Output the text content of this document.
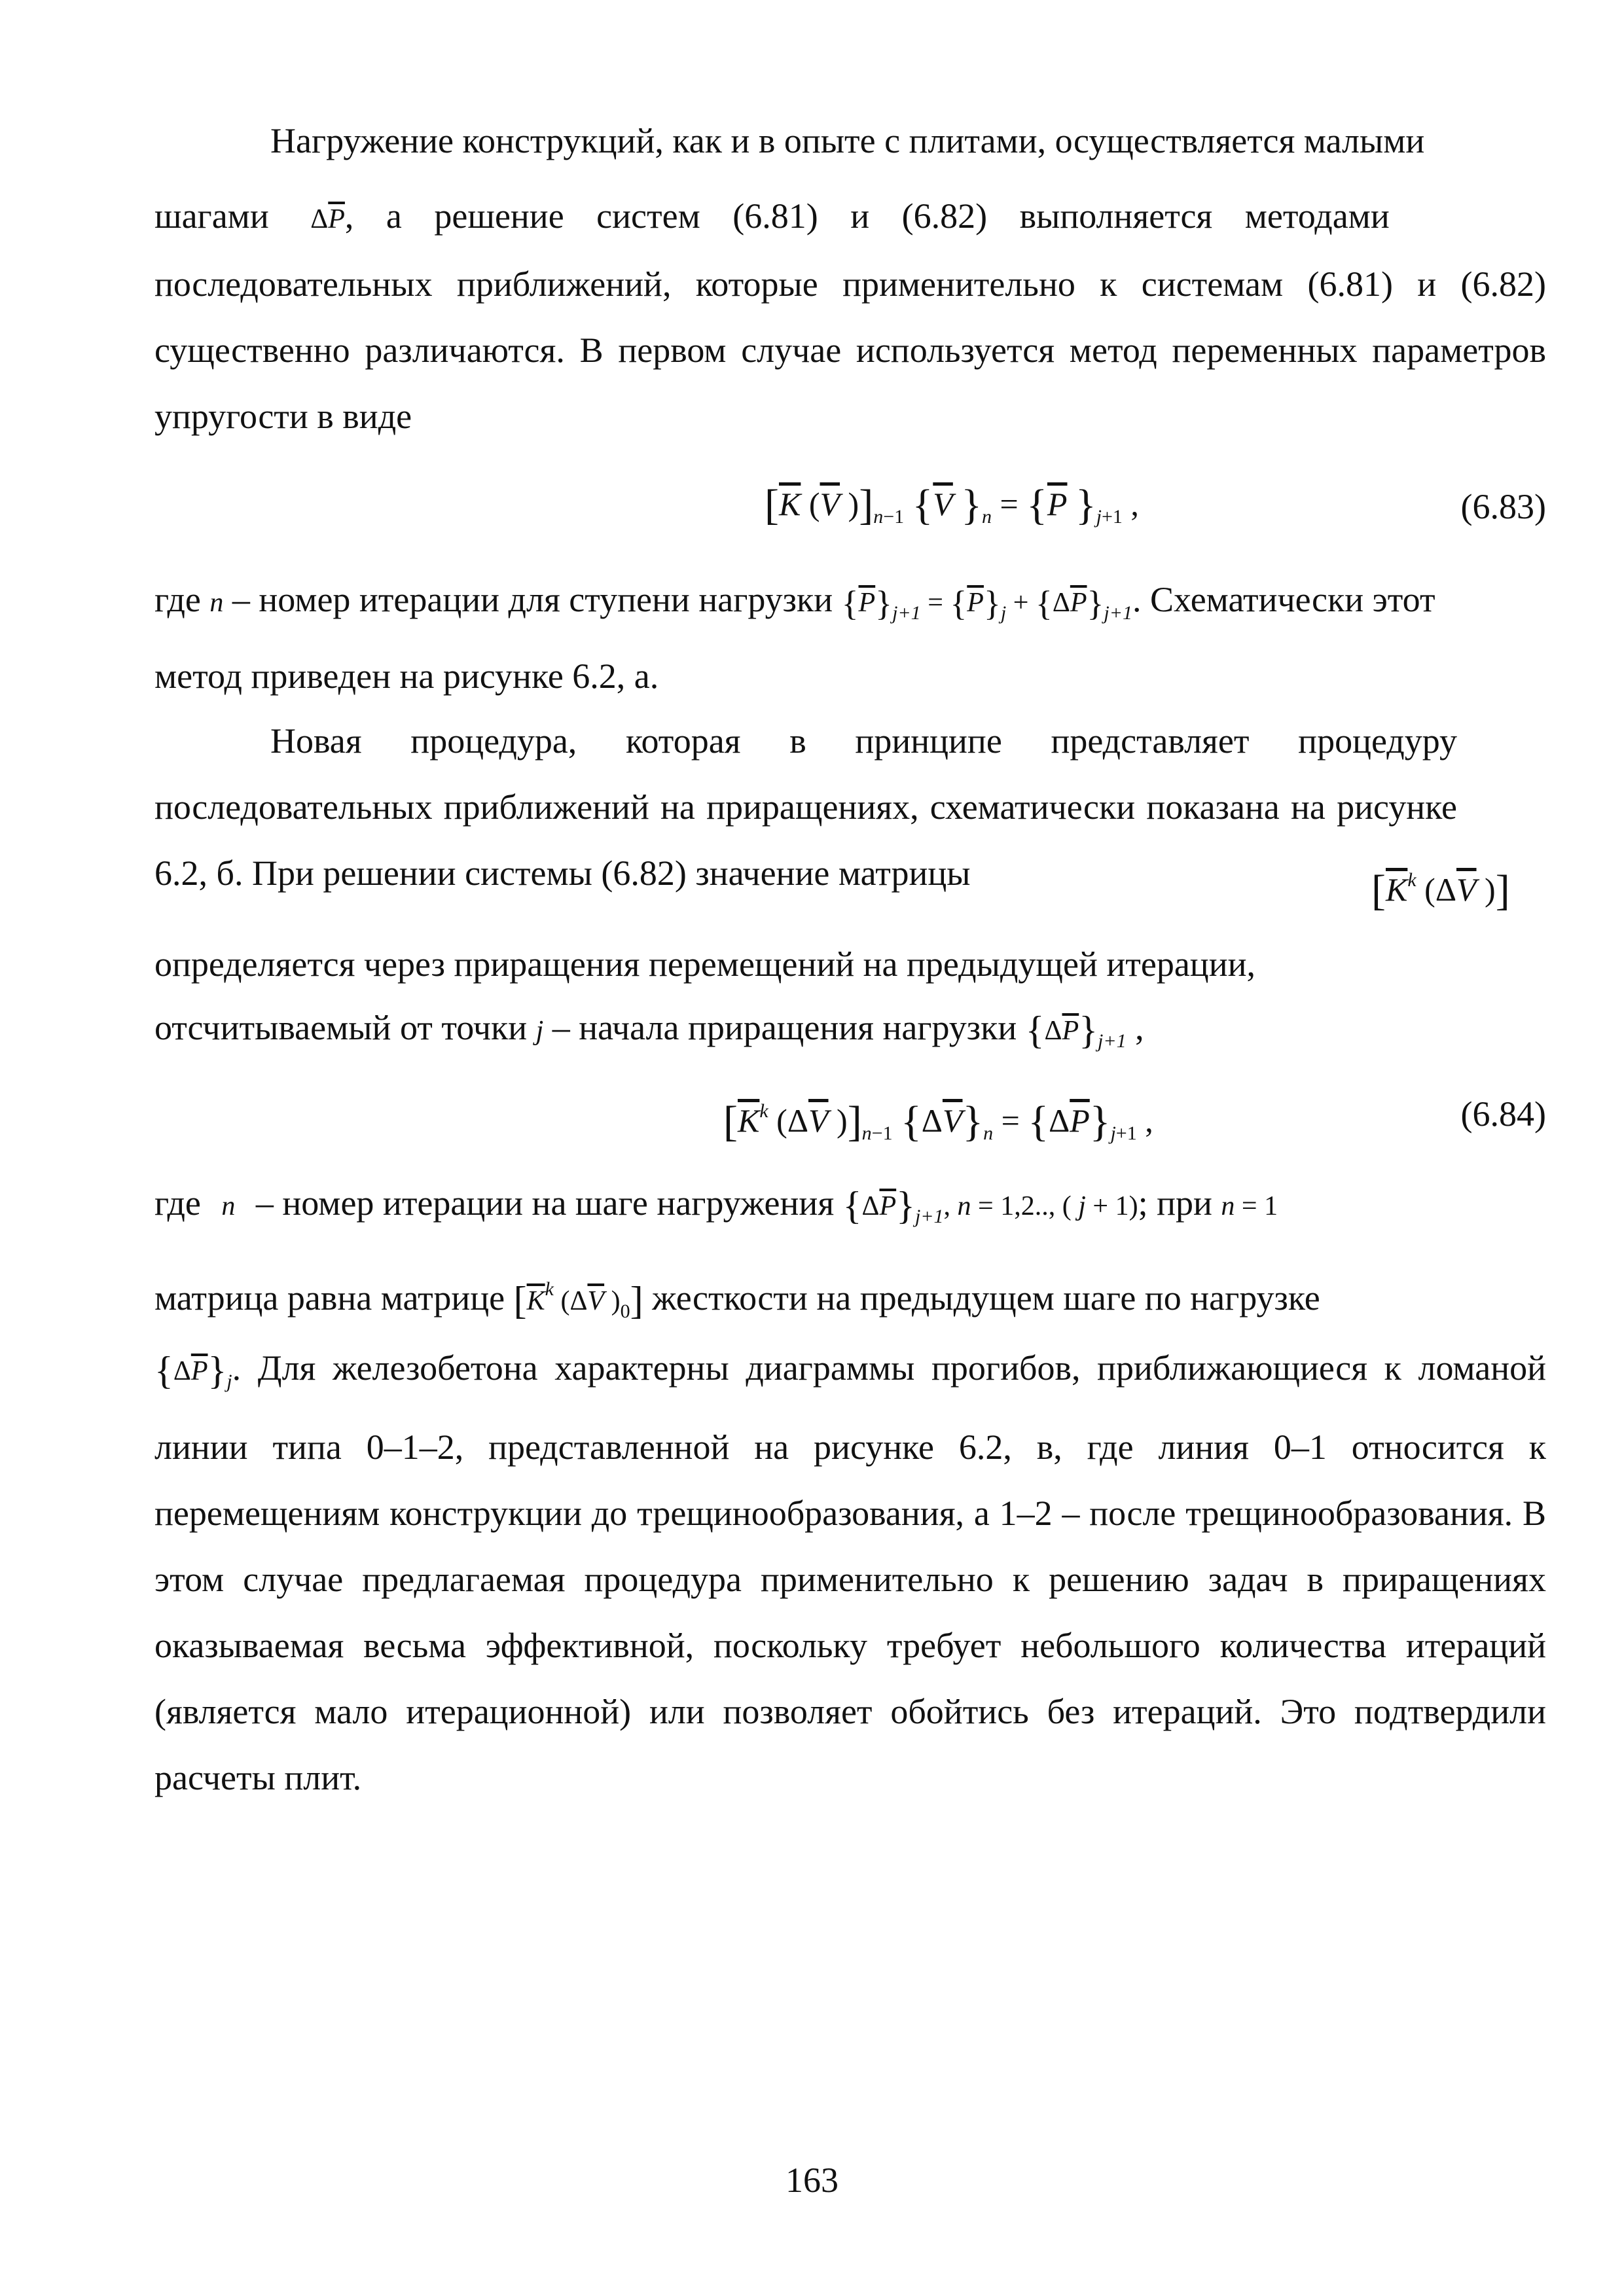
Нагружение конструкций, как и в опыте с плитами, осуществляется малыми
шагами $\Delta\overline{P}$, а решение систем (6.81) и (6.82) выполняется методами
последовательных приближений, которые применительно к системам (6.81) и (6.82) существенно различаются. В первом случае используется метод переменных параметров упругости в виде
[$\overline{K}$ ($\overline{V}$ )]$_{n-1}$ {$\overline{V}$ }$_n = \{\overline{P}$ }$_{j+1}$ ,	(6.83)
где n – номер итерации для ступени нагрузки $\{\overline{P}\}_{j+1} = \{\overline{P}\}_j + \{\Delta\overline{P}\}_{j+1}$. Схематически этот
метод приведен на рисунке 6.2, а.
Новая процедура, которая в принципе представляет процедуру последовательных приближений на приращениях, схематически показана на рисунке 6.2, б. При решении системы (6.82) значение матрицы	[$\overline{K}^k$ ($\Delta\overline{V}$ )]
определяется через приращения перемещений на предыдущей итерации,
отсчитываемый от точки j – начала приращения нагрузки $\{\Delta\overline{P}\}_{j+1}$ ,
[$\overline{K}^k$ ($\Delta\overline{V}$ )]$_{n-1}$ $\{\Delta\overline{V}\}_n = \{\Delta\overline{P}\}_{j+1}$ ,	(6.84)
где n – номер итерации на шаге нагружения $\{\Delta\overline{P}\}_{j+1}$, n = 1,2.., ( j + 1); при n = 1
матрица равна матрице [$\overline{K}^k$ ($\Delta\overline{V}$ )$_0$] жесткости на предыдущем шаге по нагрузке
$\{\Delta\overline{P}\}_j$. Для железобетона характерны диаграммы прогибов, приближающиеся к ломаной линии типа 0–1–2, представленной на рисунке 6.2, в, где линия 0–1 относится к перемещениям конструкции до трещинообразования, а 1–2 – после трещинообразования. В этом случае предлагаемая процедура применительно к решению задач в приращениях оказываемая весьма эффективной, поскольку требует небольшого количества итераций (является мало итерационной) или позволяет обойтись без итераций. Это подтвердили расчеты плит.
163
